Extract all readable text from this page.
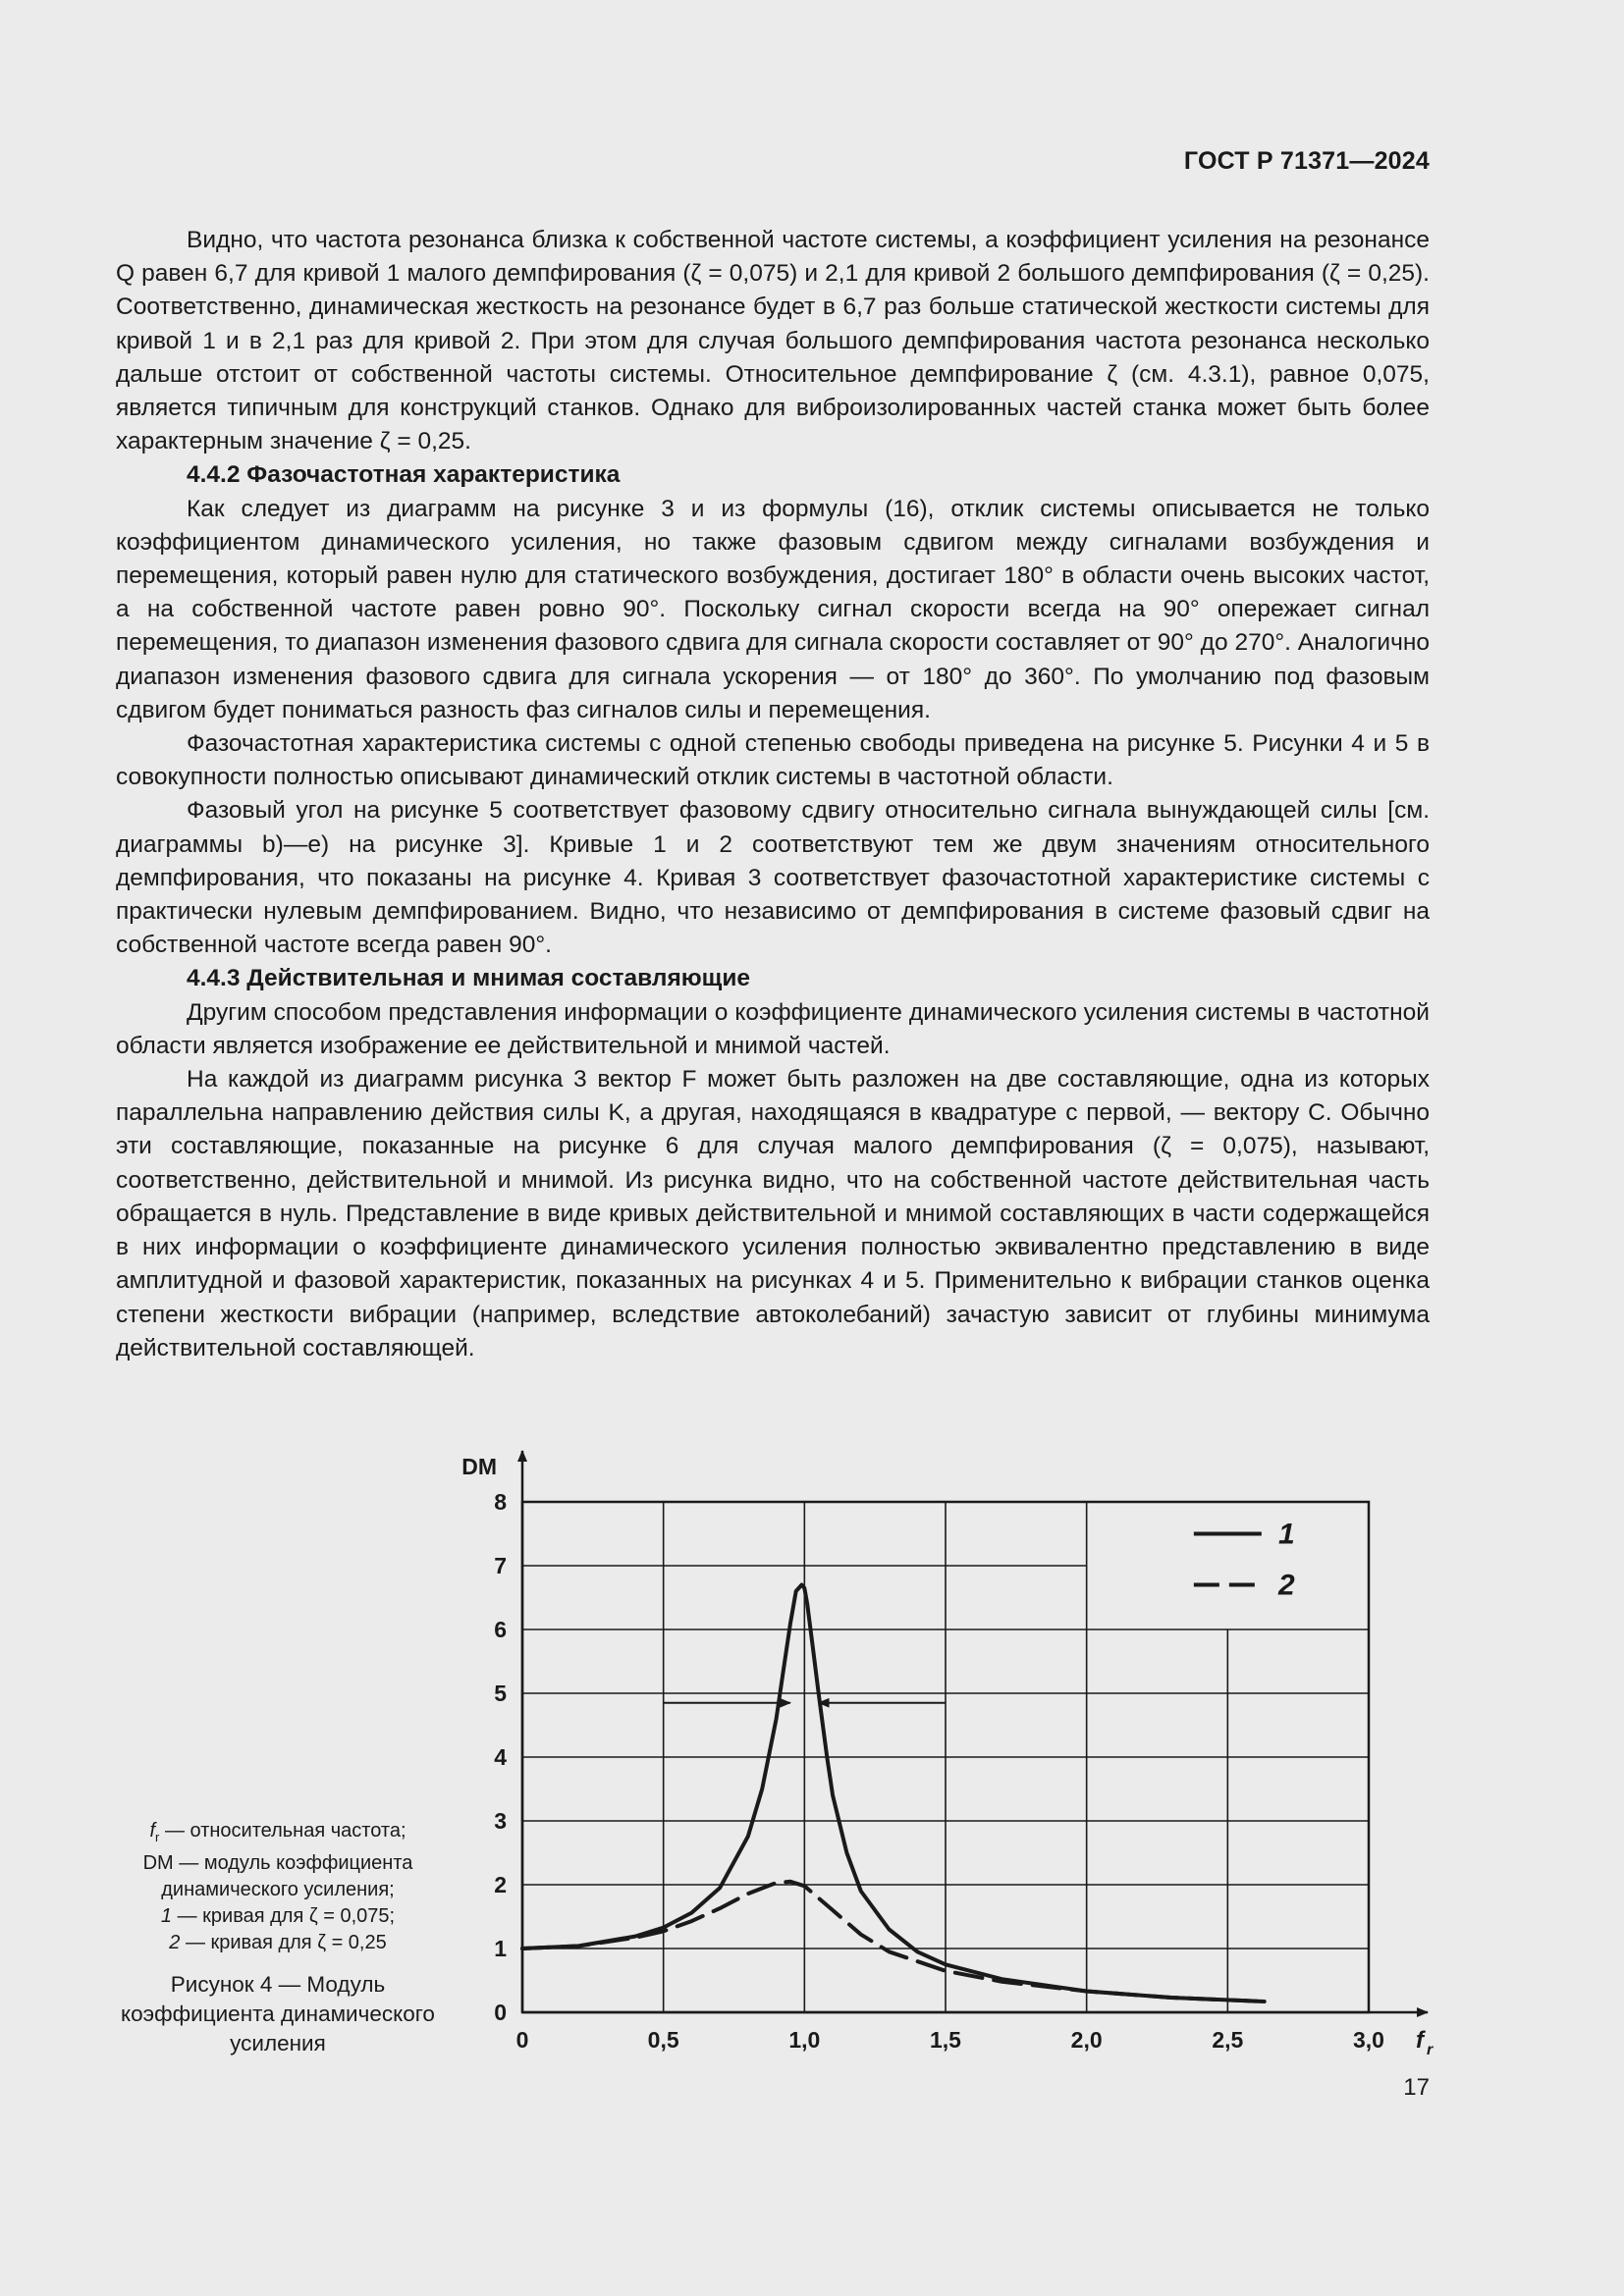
ГОСТ Р 71371—2024

Видно, что частота резонанса близка к собственной частоте системы, а коэффициент усиления на резонансе Q равен 6,7 для кривой 1 малого демпфирования (ζ = 0,075) и 2,1 для кривой 2 большого демпфирования (ζ = 0,25). Соответственно, динамическая жесткость на резонансе будет в 6,7 раз больше статической жесткости системы для кривой 1 и в 2,1 раз для кривой 2. При этом для случая большого демпфирования частота резонанса несколько дальше отстоит от собственной частоты системы. Относительное демпфирование ζ (см. 4.3.1), равное 0,075, является типичным для конструкций станков. Однако для виброизолированных частей станка может быть более характерным значение ζ = 0,25.

4.4.2 Фазочастотная характеристика

Как следует из диаграмм на рисунке 3 и из формулы (16), отклик системы описывается не только коэффициентом динамического усиления, но также фазовым сдвигом между сигналами возбуждения и перемещения, который равен нулю для статического возбуждения, достигает 180° в области очень высоких частот, а на собственной частоте равен ровно 90°. Поскольку сигнал скорости всегда на 90° опережает сигнал перемещения, то диапазон изменения фазового сдвига для сигнала скорости составляет от 90° до 270°. Аналогично диапазон изменения фазового сдвига для сигнала ускорения — от 180° до 360°. По умолчанию под фазовым сдвигом будет пониматься разность фаз сигналов силы и перемещения.

Фазочастотная характеристика системы с одной степенью свободы приведена на рисунке 5. Рисунки 4 и 5 в совокупности полностью описывают динамический отклик системы в частотной области.

Фазовый угол на рисунке 5 соответствует фазовому сдвигу относительно сигнала вынуждающей силы [см. диаграммы b)—e) на рисунке 3]. Кривые 1 и 2 соответствуют тем же двум значениям относительного демпфирования, что показаны на рисунке 4. Кривая 3 соответствует фазочастотной характеристике системы с практически нулевым демпфированием. Видно, что независимо от демпфирования в системе фазовый сдвиг на собственной частоте всегда равен 90°.

4.4.3 Действительная и мнимая составляющие

Другим способом представления информации о коэффициенте динамического усиления системы в частотной области является изображение ее действительной и мнимой частей.

На каждой из диаграмм рисунка 3 вектор F может быть разложен на две составляющие, одна из которых параллельна направлению действия силы K, а другая, находящаяся в квадратуре с первой, — вектору C. Обычно эти составляющие, показанные на рисунке 6 для случая малого демпфирования (ζ = 0,075), называют, соответственно, действительной и мнимой. Из рисунка видно, что на собственной частоте действительная часть обращается в нуль. Представление в виде кривых действительной и мнимой составляющих в части содержащейся в них информации о коэффициенте динамического усиления полностью эквивалентно представлению в виде амплитудной и фазовой характеристик, показанных на рисунках 4 и 5. Применительно к вибрации станков оценка степени жесткости вибрации (например, вследствие автоколебаний) зачастую зависит от глубины минимума действительной составляющей.

$f_r$ — относительная частота;
DM — модуль коэффициента динамического усиления;
1 — кривая для ζ = 0,075;
2 — кривая для ζ = 0,25
Рисунок 4 — Модуль коэффициента динамического усиления	0	0,5	1,0	1,5	2,0	2,5	3,0
0
1
2
3
4
5
6
7
8
DM
f r
1
2
17
